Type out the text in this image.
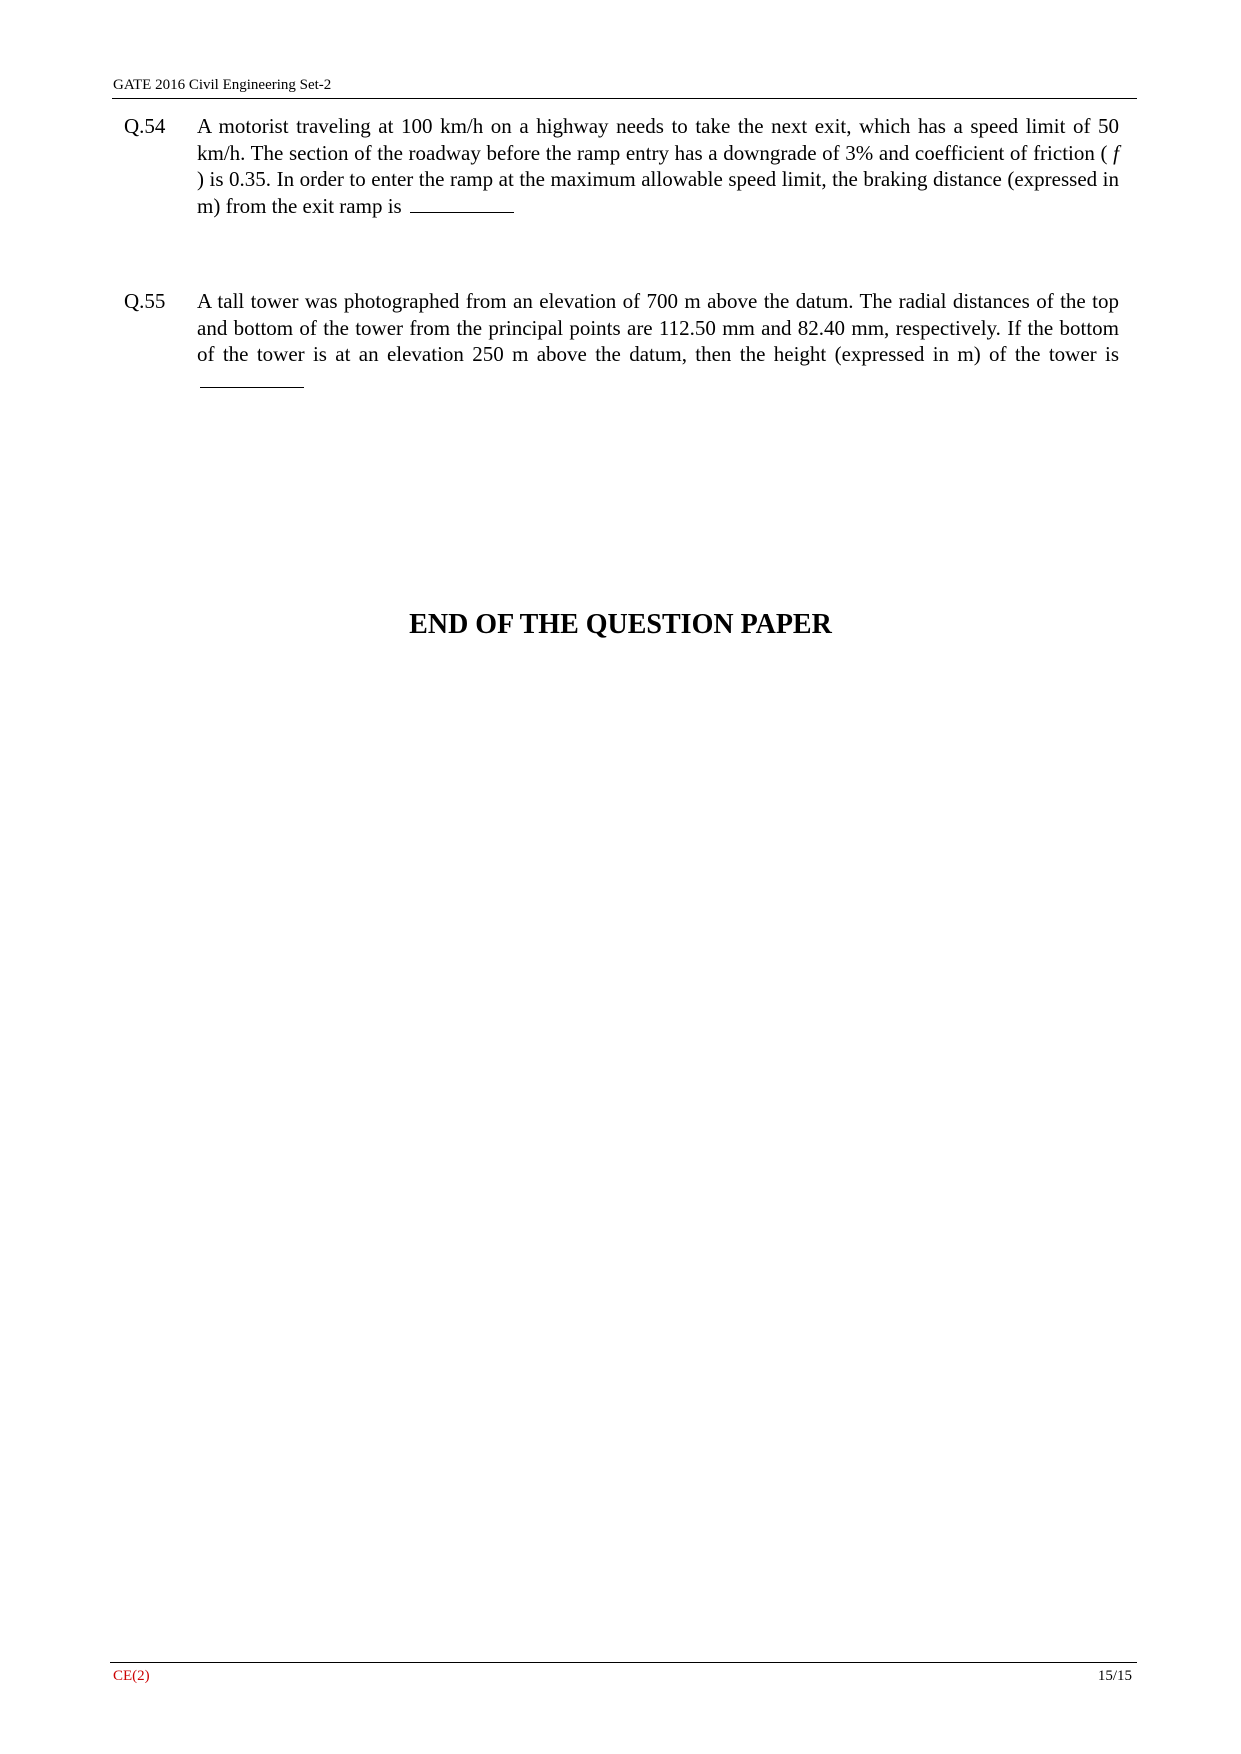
GATE 2016 Civil Engineering Set-2
Q.54	A motorist traveling at 100 km/h on a highway needs to take the next exit, which has a speed limit of 50 km/h. The section of the roadway before the ramp entry has a downgrade of 3% and coefficient of friction ( f ) is 0.35. In order to enter the ramp at the maximum allowable speed limit, the braking distance (expressed in m) from the exit ramp is
Q.55	A tall tower was photographed from an elevation of 700 m above the datum. The radial distances of the top and bottom of the tower from the principal points are 112.50 mm and 82.40 mm, respectively. If the bottom of the tower is at an elevation 250 m above the datum, then the height (expressed in m) of the tower is
END OF THE QUESTION PAPER
CE(2)	15/15
